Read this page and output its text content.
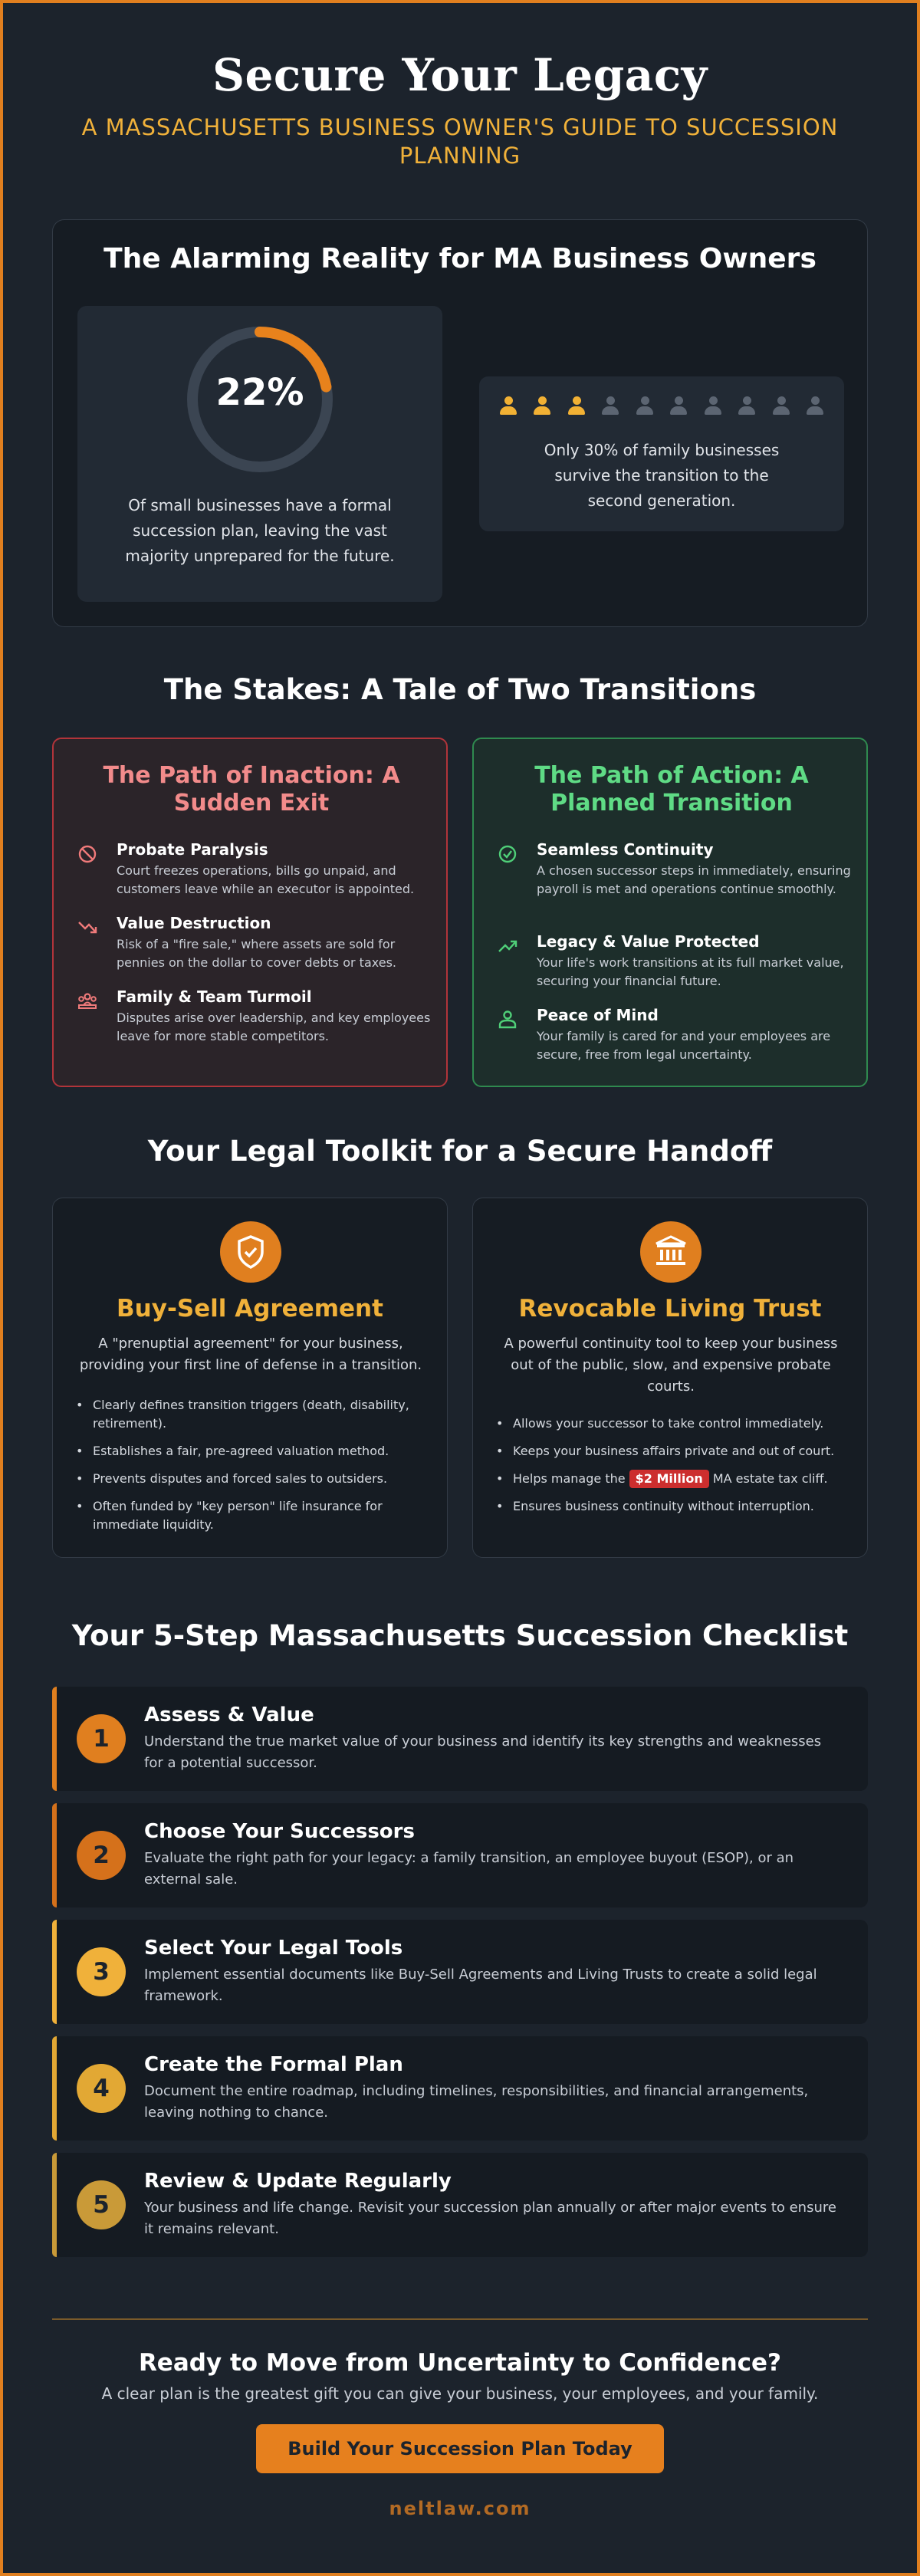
Secure Your Legacy
A MASSACHUSETTS BUSINESS OWNER'S GUIDE TO SUCCESSION PLANNING
The Alarming Reality for MA Business Owners
22%

Of small businesses have a formal succession plan, leaving the vast majority unprepared for the future.

Only 30% of family businesses survive the transition to the second generation.

The Stakes: A Tale of Two Transitions
The Path of Inaction: A Sudden Exit
Probate Paralysis
Court freezes operations, bills go unpaid, and customers leave while an executor is appointed.
Value Destruction
Risk of a "fire sale," where assets are sold for pennies on the dollar to cover debts or taxes.
Family & Team Turmoil
Disputes arise over leadership, and key employees leave for more stable competitors.
The Path of Action: A Planned Transition
Seamless Continuity
A chosen successor steps in immediately, ensuring payroll is met and operations continue smoothly.
Legacy & Value Protected
Your life's work transitions at its full market value, securing your financial future.
Peace of Mind
Your family is cared for and your employees are secure, free from legal uncertainty.
Your Legal Toolkit for a Secure Handoff
Buy-Sell Agreement

A "prenuptial agreement" for your business, providing your first line of defense in a transition.

• Clearly defines transition triggers (death, disability, retirement).
• Establishes a fair, pre-agreed valuation method.
• Prevents disputes and forced sales to outsiders.
• Often funded by "key person" life insurance for immediate liquidity.
Revocable Living Trust

A powerful continuity tool to keep your business out of the public, slow, and expensive probate courts.

• Allows your successor to take control immediately.
• Keeps your business affairs private and out of court.
• Helps manage the $2 Million MA estate tax cliff.
• Ensures business continuity without interruption.
Your 5-Step Massachusetts Succession Checklist
1
Assess & Value
Understand the true market value of your business and identify its key strengths and weaknesses for a potential successor.
2
Choose Your Successors
Evaluate the right path for your legacy: a family transition, an employee buyout (ESOP), or an external sale.
3
Select Your Legal Tools
Implement essential documents like Buy-Sell Agreements and Living Trusts to create a solid legal framework.
4
Create the Formal Plan
Document the entire roadmap, including timelines, responsibilities, and financial arrangements, leaving nothing to chance.
5
Review & Update Regularly
Your business and life change. Revisit your succession plan annually or after major events to ensure it remains relevant.
Ready to Move from Uncertainty to Confidence?

A clear plan is the greatest gift you can give your business, your employees, and your family.

Build Your Succession Plan Today
neltlaw.com
